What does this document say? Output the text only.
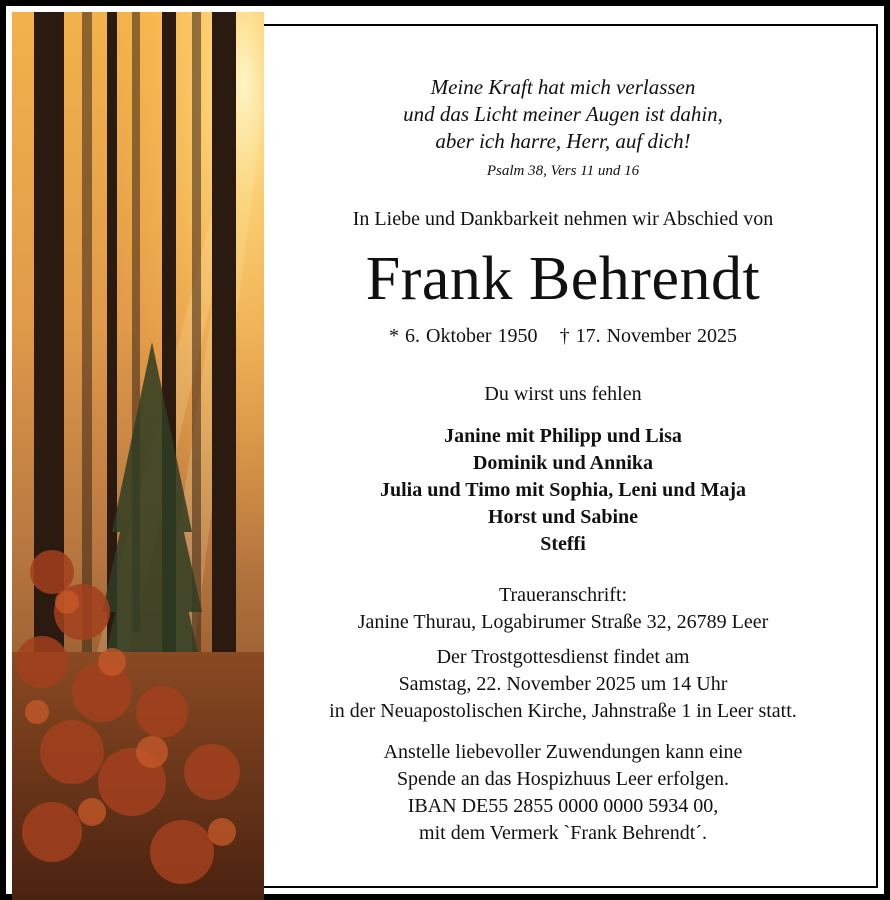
Meine Kraft hat mich verlassen
und das Licht meiner Augen ist dahin,
aber ich harre, Herr, auf dich!
Psalm 38, Vers 11 und 16
In Liebe und Dankbarkeit nehmen wir Abschied von
Frank Behrendt
* 6. Oktober 1950 † 17. November 2025
Du wirst uns fehlen
Janine mit Philipp und Lisa
Dominik und Annika
Julia und Timo mit Sophia, Leni und Maja
Horst und Sabine
Steffi
Traueranschrift:
Janine Thurau, Logabirumer Straße 32, 26789 Leer
Der Trostgottesdienst findet am
Samstag, 22. November 2025 um 14 Uhr
in der Neuapostolischen Kirche, Jahnstraße 1 in Leer statt.
Anstelle liebevoller Zuwendungen kann eine
Spende an das Hospizhuus Leer erfolgen.
IBAN DE55 2855 0000 0000 5934 00,
mit dem Vermerk `Frank Behrendt´.
